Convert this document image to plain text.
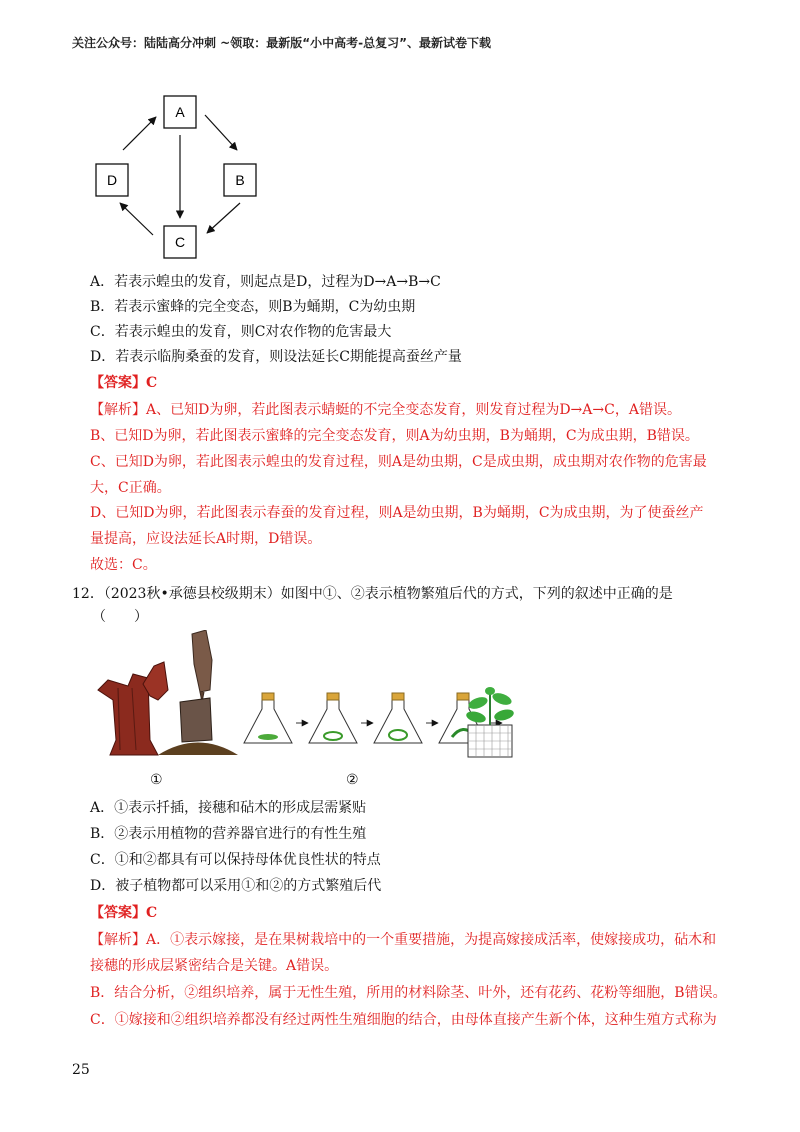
关注公众号：陆陆高分冲刺 ~领取：最新版“小中高考-总复习”、最新试卷下载
A
B
C
D
A．若表示蝗虫的发育，则起点是D，过程为D→A→B→C
B．若表示蜜蜂的完全变态，则B为蛹期，C为幼虫期
C．若表示蝗虫的发育，则C对农作物的危害最大
D．若表示临朐桑蚕的发育，则设法延长C期能提高蚕丝产量
【答案】C
【解析】A、已知D为卵，若此图表示蜻蜓的不完全变态发育，则发育过程为D→A→C，A错误。
B、已知D为卵，若此图表示蜜蜂的完全变态发育，则A为幼虫期，B为蛹期，C为成虫期，B错误。
C、已知D为卵，若此图表示蝗虫的发育过程，则A是幼虫期，C是成虫期，成虫期对农作物的危害最
大，C正确。
D、已知D为卵，若此图表示春蚕的发育过程，则A是幼虫期，B为蛹期，C为成虫期，为了使蚕丝产
量提高，应设法延长A时期，D错误。
故选：C。
12．（2023秋•承德县校级期末）如图中①、②表示植物繁殖后代的方式，下列的叙述中正确的是
（　　）
①	②
A．①表示扦插，接穗和砧木的形成层需紧贴
B．②表示用植物的营养器官进行的有性生殖
C．①和②都具有可以保持母体优良性状的特点
D．被子植物都可以采用①和②的方式繁殖后代
【答案】C
【解析】A．①表示嫁接，是在果树栽培中的一个重要措施，为提高嫁接成活率，使嫁接成功，砧木和
接穗的形成层紧密结合是关键。A错误。
B．结合分析，②组织培养，属于无性生殖，所用的材料除茎、叶外，还有花药、花粉等细胞，B错误。
C．①嫁接和②组织培养都没有经过两性生殖细胞的结合，由母体直接产生新个体，这种生殖方式称为
25
